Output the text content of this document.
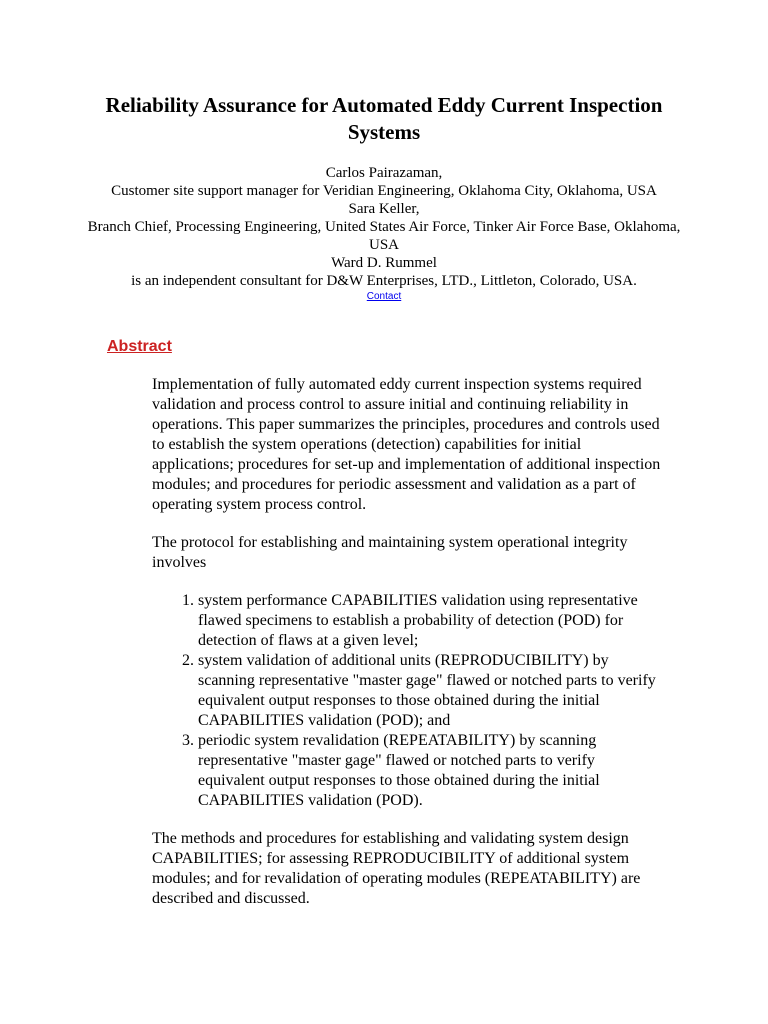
Reliability Assurance for Automated Eddy Current Inspection Systems
Carlos Pairazaman,
Customer site support manager for Veridian Engineering, Oklahoma City, Oklahoma, USA
Sara Keller,
Branch Chief, Processing Engineering, United States Air Force, Tinker Air Force Base, Oklahoma, USA
Ward D. Rummel
is an independent consultant for D&W Enterprises, LTD., Littleton, Colorado, USA.
Contact
Abstract

Implementation of fully automated eddy current inspection systems required validation and process control to assure initial and continuing reliability in operations. This paper summarizes the principles, procedures and controls used to establish the system operations (detection) capabilities for initial applications; procedures for set-up and implementation of additional inspection modules; and procedures for periodic assessment and validation as a part of operating system process control.

The protocol for establishing and maintaining system operational integrity involves

1. system performance CAPABILITIES validation using representative flawed specimens to establish a probability of detection (POD) for detection of flaws at a given level;
2. system validation of additional units (REPRODUCIBILITY) by scanning representative "master gage" flawed or notched parts to verify equivalent output responses to those obtained during the initial CAPABILITIES validation (POD); and
3. periodic system revalidation (REPEATABILITY) by scanning representative "master gage" flawed or notched parts to verify equivalent output responses to those obtained during the initial CAPABILITIES validation (POD).

The methods and procedures for establishing and validating system design CAPABILITIES; for assessing REPRODUCIBILITY of additional system modules; and for revalidation of operating modules (REPEATABILITY) are described and discussed.
